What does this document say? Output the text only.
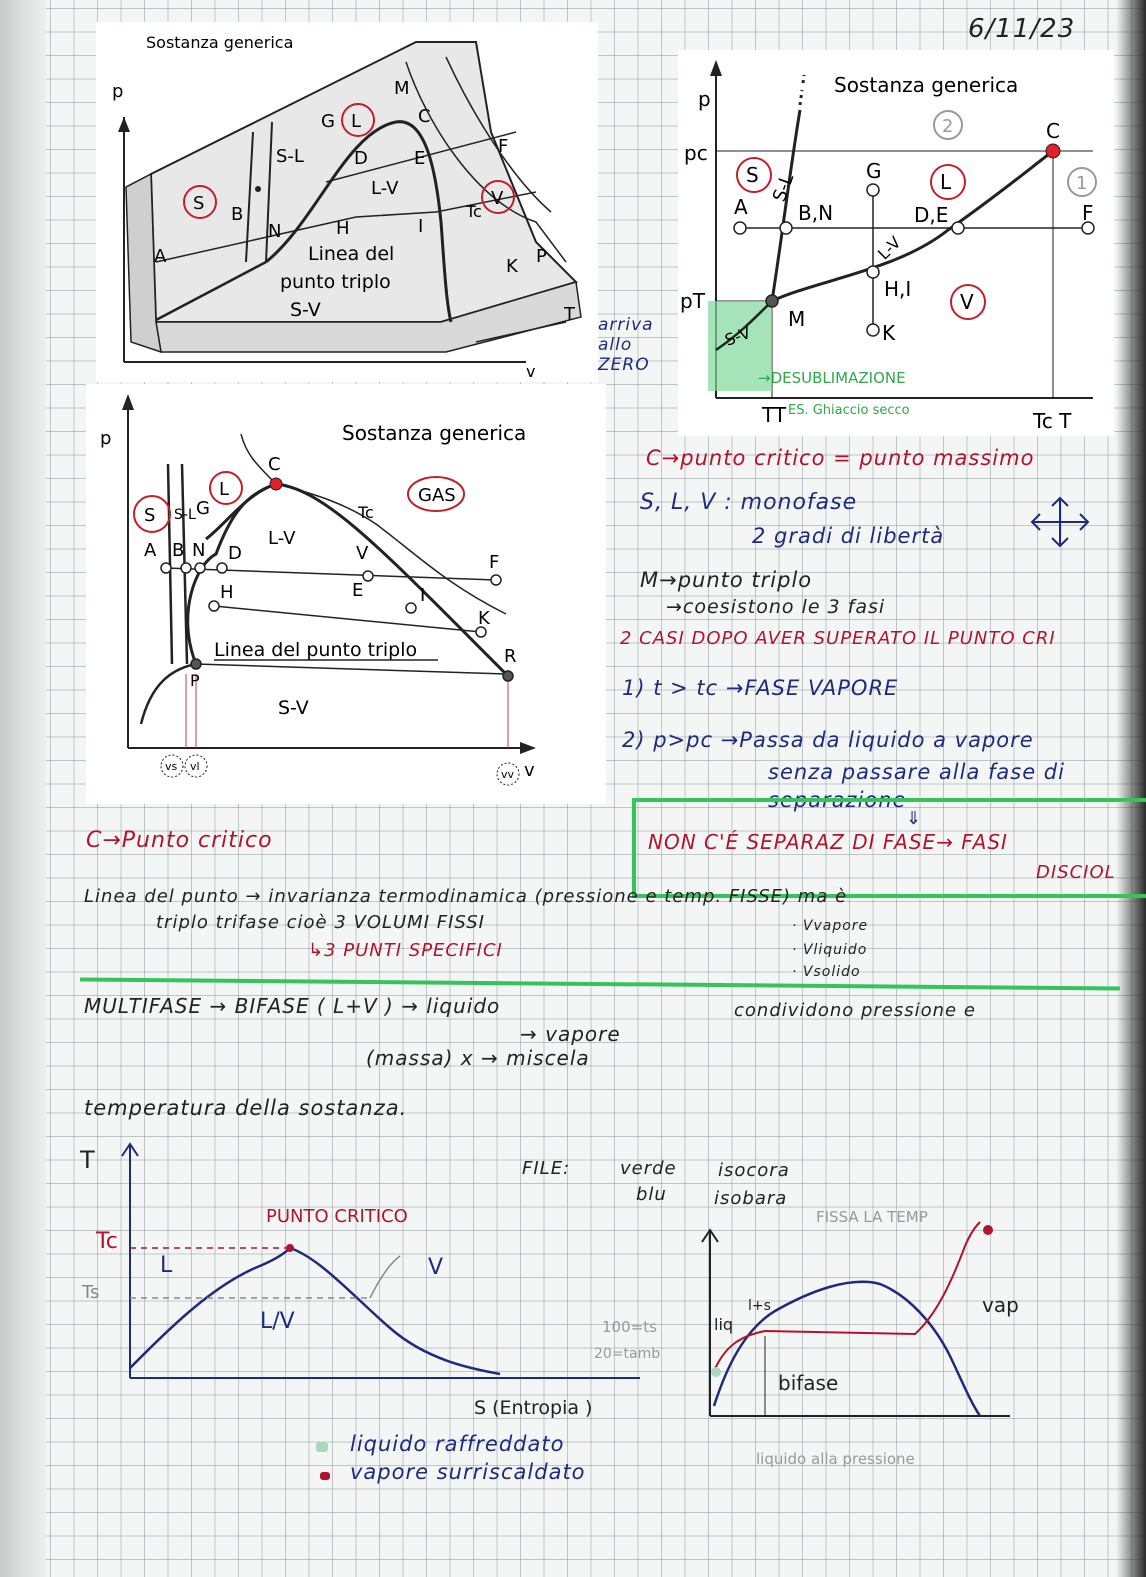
6/11/23
Sostanza generica
p
v
T
S
S-L
G L
M
C
D	E
F
L-V	V
Tc
B
N	H	I
A	K P
Linea del
punto triplo
S-V
p
pc
pT
Sostanza generica
S S-L
A	B,N
G	L
D,E	F
C
L-V
H,I
V
K
M
S-V
TT	Tc T
2
1
→DESUBLIMAZIONE
ES. Ghiaccio secco
arriva
allo
ZERO
p	Sostanza generica
C
S S-L G
L	GAS
Tc
L-V
A B N D	V	F
H	E	I
K
Linea del punto triplo
P
R
S-V
v
vs vl
vv
C→punto critico = punto massimo
S, L, V : monofase
2 gradi di libertà
M→punto triplo
→coesistono le 3 fasi
2 CASI DOPO AVER SUPERATO IL PUNTO CRI
1) t > tc →FASE VAPORE
2) p>pc →Passa da liquido a vapore
senza passare alla fase di
separazione
⇓
NON C'É SEPARAZ DI FASE→ FASI
DISCIOL
C→Punto critico
Linea del punto → invarianza termodinamica (pressione e temp. FISSE) ma è
triplo trifase cioè 3 VOLUMI FISSI	· Vvapore
· Vliquido
· Vsolido
↳3 PUNTI SPECIFICI
MULTIFASE → BIFASE ( L+V ) → liquido
→ vapore
(massa) x → miscela
condividono pressione e
temperatura della sostanza.
T
Tc
Ts
PUNTO CRITICO
L	V
L/V
S (Entropia )
FILE:	verde
blu
isocora
isobara
FISSA LA TEMP
vap
liq
l+s
100=ts
20=tamb
bifase
liquido alla pressione
liquido raffreddato
vapore surriscaldato
